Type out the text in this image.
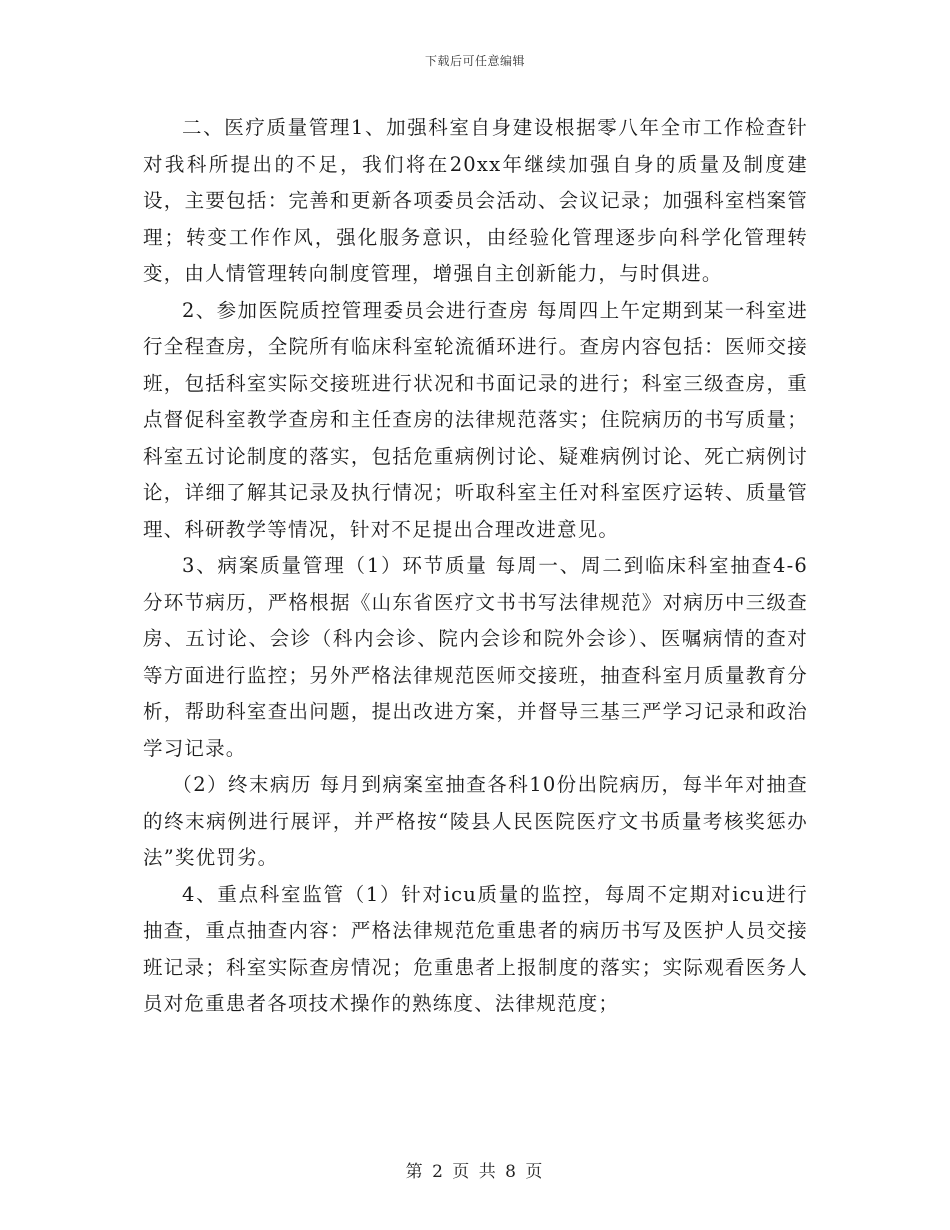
下载后可任意编辑

二、医疗质量管理1、加强科室自身建设根据零八年全市工作检查针对我科所提出的不足，我们将在20xx年继续加强自身的质量及制度建设，主要包括：完善和更新各项委员会活动、会议记录；加强科室档案管理；转变工作作风，强化服务意识，由经验化管理逐步向科学化管理转变，由人情管理转向制度管理，增强自主创新能力，与时俱进。

2、参加医院质控管理委员会进行查房 每周四上午定期到某一科室进行全程查房，全院所有临床科室轮流循环进行。查房内容包括：医师交接班，包括科室实际交接班进行状况和书面记录的进行；科室三级查房，重点督促科室教学查房和主任查房的法律规范落实；住院病历的书写质量；科室五讨论制度的落实，包括危重病例讨论、疑难病例讨论、死亡病例讨论，详细了解其记录及执行情况；听取科室主任对科室医疗运转、质量管理、科研教学等情况，针对不足提出合理改进意见。

3、病案质量管理（1）环节质量 每周一、周二到临床科室抽查4-6分环节病历，严格根据《山东省医疗文书书写法律规范》对病历中三级查房、五讨论、会诊（科内会诊、院内会诊和院外会诊）、医嘱病情的查对等方面进行监控；另外严格法律规范医师交接班，抽查科室月质量教育分析，帮助科室查出问题，提出改进方案，并督导三基三严学习记录和政治学习记录。

（2）终末病历 每月到病案室抽查各科10份出院病历，每半年对抽查的终末病例进行展评，并严格按“陵县人民医院医疗文书质量考核奖惩办法”奖优罚劣。

4、重点科室监管（1）针对icu质量的监控，每周不定期对icu进行抽查，重点抽查内容：严格法律规范危重患者的病历书写及医护人员交接班记录；科室实际查房情况；危重患者上报制度的落实；实际观看医务人员对危重患者各项技术操作的熟练度、法律规范度；

第 2 页 共 8 页
